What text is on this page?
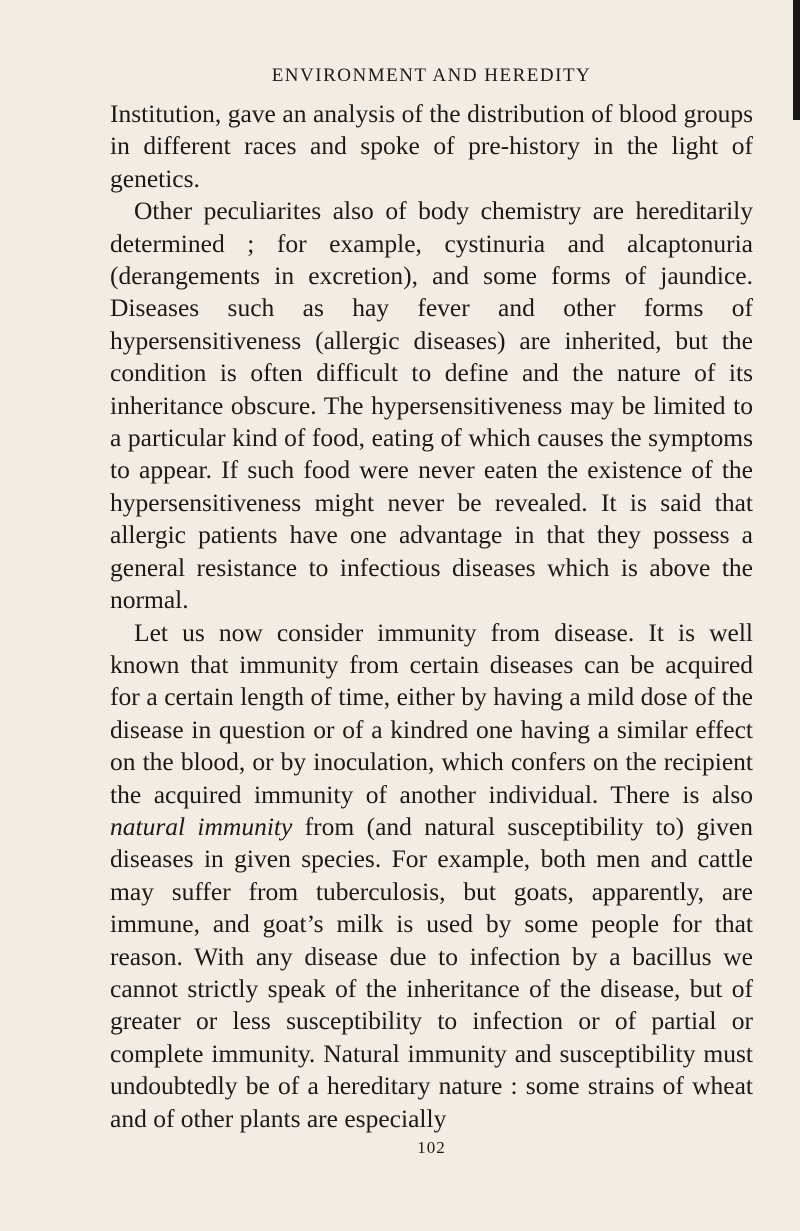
ENVIRONMENT AND HEREDITY

Institution, gave an analysis of the distribution of blood groups in different races and spoke of pre-history in the light of genetics.

Other peculiarites also of body chemistry are hereditarily determined ; for example, cystinuria and alcaptonuria (derangements in excretion), and some forms of jaundice. Diseases such as hay fever and other forms of hypersensitiveness (allergic diseases) are inherited, but the condition is often difficult to define and the nature of its inheritance obscure. The hypersensitiveness may be limited to a particular kind of food, eating of which causes the symptoms to appear. If such food were never eaten the existence of the hypersensitiveness might never be revealed. It is said that allergic patients have one advantage in that they possess a general resistance to infectious diseases which is above the normal.

Let us now consider immunity from disease. It is well known that immunity from certain diseases can be acquired for a certain length of time, either by having a mild dose of the disease in question or of a kindred one having a similar effect on the blood, or by inoculation, which confers on the recipient the acquired immunity of another individual. There is also natural immunity from (and natural susceptibility to) given diseases in given species. For example, both men and cattle may suffer from tuberculosis, but goats, apparently, are immune, and goat’s milk is used by some people for that reason. With any disease due to infection by a bacillus we cannot strictly speak of the inheritance of the disease, but of greater or less susceptibility to infection or of partial or complete immunity. Natural immunity and susceptibility must undoubtedly be of a hereditary nature : some strains of wheat and of other plants are especially

102
